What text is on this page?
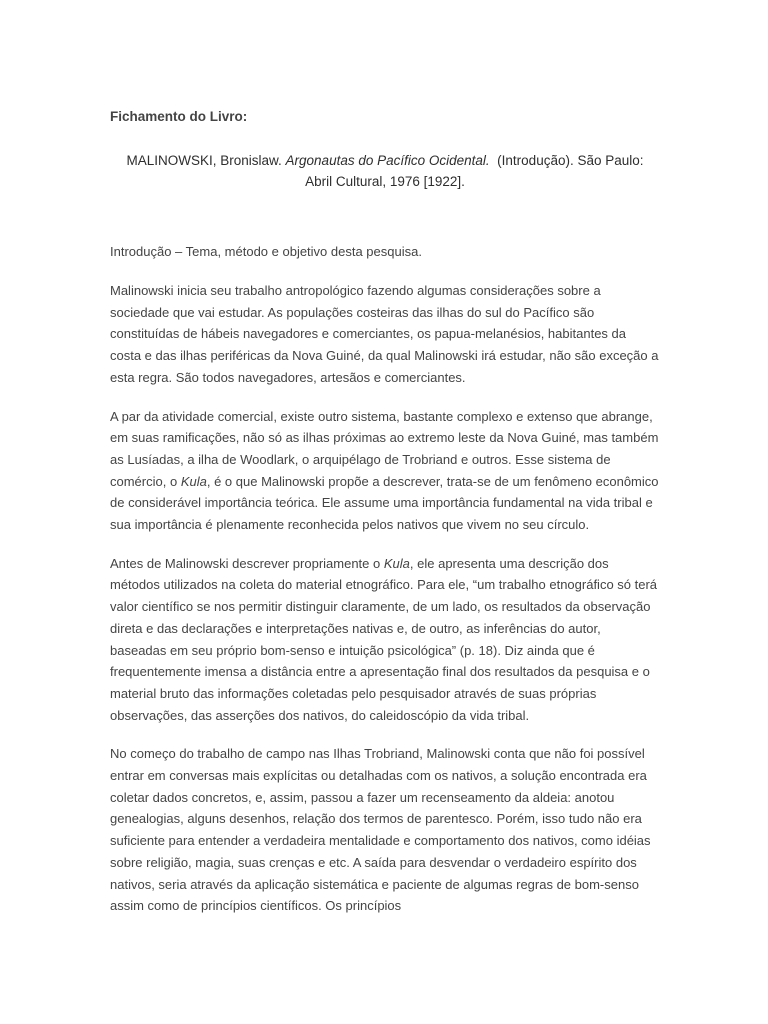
Fichamento do Livro:

MALINOWSKI, Bronislaw. Argonautas do Pacífico Ocidental. (Introdução). São Paulo:
Abril Cultural, 1976 [1922].

Introdução – Tema, método e objetivo desta pesquisa.

Malinowski inicia seu trabalho antropológico fazendo algumas considerações sobre a sociedade que vai estudar. As populações costeiras das ilhas do sul do Pacífico são constituídas de hábeis navegadores e comerciantes, os papua-melanésios, habitantes da costa e das ilhas periféricas da Nova Guiné, da qual Malinowski irá estudar, não são exceção a esta regra. São todos navegadores, artesãos e comerciantes.

A par da atividade comercial, existe outro sistema, bastante complexo e extenso que abrange, em suas ramificações, não só as ilhas próximas ao extremo leste da Nova Guiné, mas também as Lusíadas, a ilha de Woodlark, o arquipélago de Trobriand e outros. Esse sistema de comércio, o Kula, é o que Malinowski propõe a descrever, trata-se de um fenômeno econômico de considerável importância teórica. Ele assume uma importância fundamental na vida tribal e sua importância é plenamente reconhecida pelos nativos que vivem no seu círculo.

Antes de Malinowski descrever propriamente o Kula, ele apresenta uma descrição dos métodos utilizados na coleta do material etnográfico. Para ele, “um trabalho etnográfico só terá valor científico se nos permitir distinguir claramente, de um lado, os resultados da observação direta e das declarações e interpretações nativas e, de outro, as inferências do autor, baseadas em seu próprio bom-senso e intuição psicológica” (p. 18). Diz ainda que é frequentemente imensa a distância entre a apresentação final dos resultados da pesquisa e o material bruto das informações coletadas pelo pesquisador através de suas próprias observações, das asserções dos nativos, do caleidoscópio da vida tribal.

No começo do trabalho de campo nas Ilhas Trobriand, Malinowski conta que não foi possível entrar em conversas mais explícitas ou detalhadas com os nativos, a solução encontrada era coletar dados concretos, e, assim, passou a fazer um recenseamento da aldeia: anotou genealogias, alguns desenhos, relação dos termos de parentesco. Porém, isso tudo não era suficiente para entender a verdadeira mentalidade e comportamento dos nativos, como idéias sobre religião, magia, suas crenças e etc. A saída para desvendar o verdadeiro espírito dos nativos, seria através da aplicação sistemática e paciente de algumas regras de bom-senso assim como de princípios científicos. Os princípios
